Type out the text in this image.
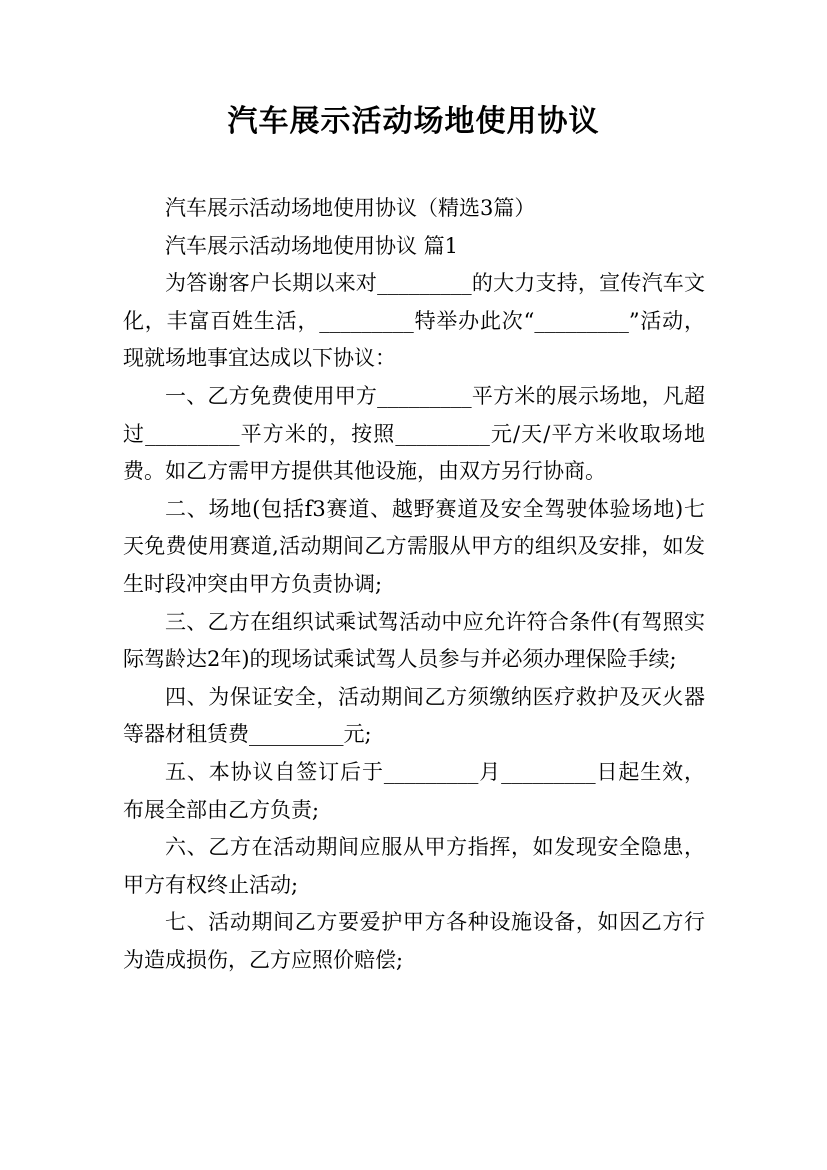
汽车展示活动场地使用协议

汽车展示活动场地使用协议（精选3篇）

汽车展示活动场地使用协议 篇1

为答谢客户长期以来对_________的大力支持，宣传汽车文化，丰富百姓生活，_________特举办此次“_________”活动，现就场地事宜达成以下协议：

一、乙方免费使用甲方_________平方米的展示场地，凡超过_________平方米的，按照_________元/天/平方米收取场地费。如乙方需甲方提供其他设施，由双方另行协商。

二、场地(包括f3赛道、越野赛道及安全驾驶体验场地)七天免费使用赛道,活动期间乙方需服从甲方的组织及安排，如发生时段冲突由甲方负责协调;

三、乙方在组织试乘试驾活动中应允许符合条件(有驾照实际驾龄达2年)的现场试乘试驾人员参与并必须办理保险手续;

四、为保证安全，活动期间乙方须缴纳医疗救护及灭火器等器材租赁费_________元;

五、本协议自签订后于_________月_________日起生效，布展全部由乙方负责;

六、乙方在活动期间应服从甲方指挥，如发现安全隐患，甲方有权终止活动;

七、活动期间乙方要爱护甲方各种设施设备，如因乙方行为造成损伤，乙方应照价赔偿;
